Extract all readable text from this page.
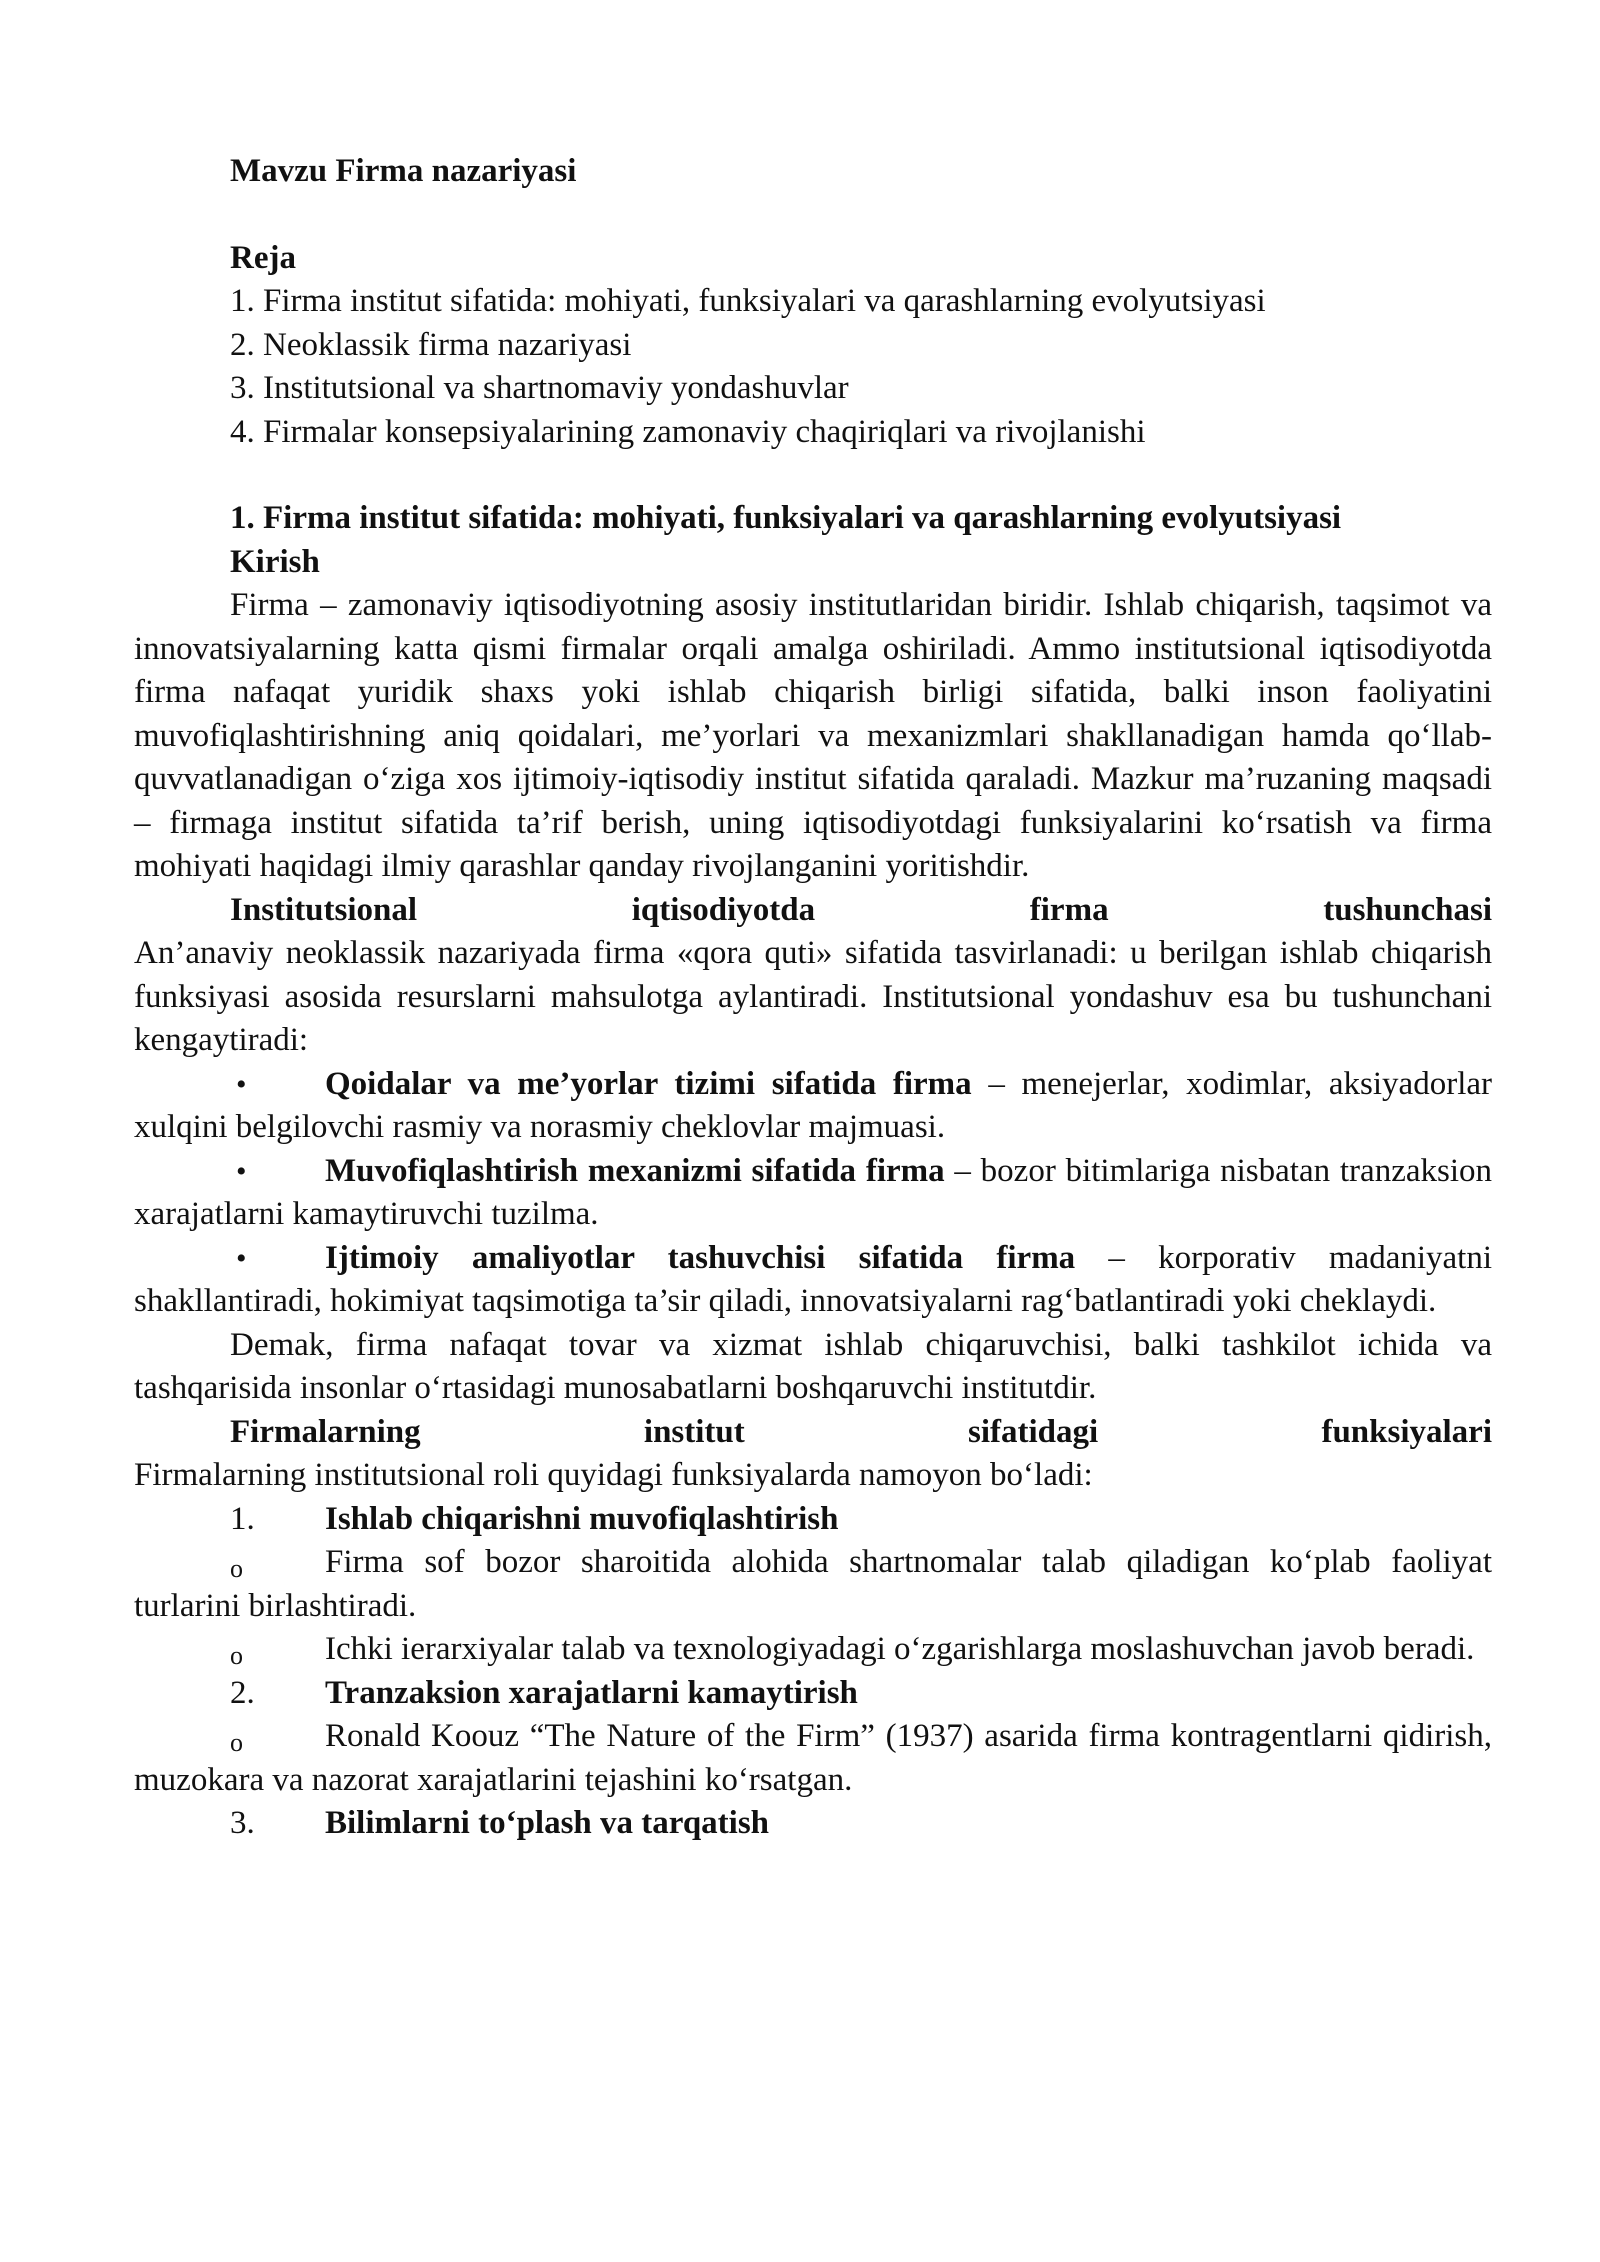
Mavzu Firma nazariyasi

Reja

1. Firma institut sifatida: mohiyati, funksiyalari va qarashlarning evolyutsiyasi

2. Neoklassik firma nazariyasi

3. Institutsional va shartnomaviy yondashuvlar

4. Firmalar konsepsiyalarining zamonaviy chaqiriqlari va rivojlanishi

1. Firma institut sifatida: mohiyati, funksiyalari va qarashlarning evolyutsiyasi

Kirish

Firma – zamonaviy iqtisodiyotning asosiy institutlaridan biridir. Ishlab chiqarish, taqsimot va innovatsiyalarning katta qismi firmalar orqali amalga oshiriladi. Ammo institutsional iqtisodiyotda firma nafaqat yuridik shaxs yoki ishlab chiqarish birligi sifatida, balki inson faoliyatini muvofiqlashtirishning aniq qoidalari, me’yorlari va mexanizmlari shakllanadigan hamda qo‘llab-quvvatlanadigan o‘ziga xos ijtimoiy-iqtisodiy institut sifatida qaraladi. Mazkur ma’ruzaning maqsadi – firmaga institut sifatida ta’rif berish, uning iqtisodiyotdagi funksiyalarini ko‘rsatish va firma mohiyati haqidagi ilmiy qarashlar qanday rivojlanganini yoritishdir.

Institutsional iqtisodiyotda firma tushunchasi

An’anaviy neoklassik nazariyada firma «qora quti» sifatida tasvirlanadi: u berilgan ishlab chiqarish funksiyasi asosida resurslarni mahsulotga aylantiradi. Institutsional yondashuv esa bu tushunchani kengaytiradi:

•	Qoidalar va me’yorlar tizimi sifatida firma – menejerlar, xodimlar, aksiyadorlar xulqini belgilovchi rasmiy va norasmiy cheklovlar majmuasi.

•	Muvofiqlashtirish mexanizmi sifatida firma – bozor bitimlariga nisbatan tranzaksion xarajatlarni kamaytiruvchi tuzilma.

•	Ijtimoiy amaliyotlar tashuvchisi sifatida firma – korporativ madaniyatni shakllantiradi, hokimiyat taqsimotiga ta’sir qiladi, innovatsiyalarni rag‘batlantiradi yoki cheklaydi.

Demak, firma nafaqat tovar va xizmat ishlab chiqaruvchisi, balki tashkilot ichida va tashqarisida insonlar o‘rtasidagi munosabatlarni boshqaruvchi institutdir.

Firmalarning institut sifatidagi funksiyalari

Firmalarning institutsional roli quyidagi funksiyalarda namoyon bo‘ladi:

1.	Ishlab chiqarishni muvofiqlashtirish

o	Firma sof bozor sharoitida alohida shartnomalar talab qiladigan ko‘plab faoliyat turlarini birlashtiradi.

o	Ichki ierarxiyalar talab va texnologiyadagi o‘zgarishlarga moslashuvchan javob beradi.

2.	Tranzaksion xarajatlarni kamaytirish

o	Ronald Koouz “The Nature of the Firm” (1937) asarida firma kontragentlarni qidirish, muzokara va nazorat xarajatlarini tejashini ko‘rsatgan.

3.	Bilimlarni to‘plash va tarqatish
